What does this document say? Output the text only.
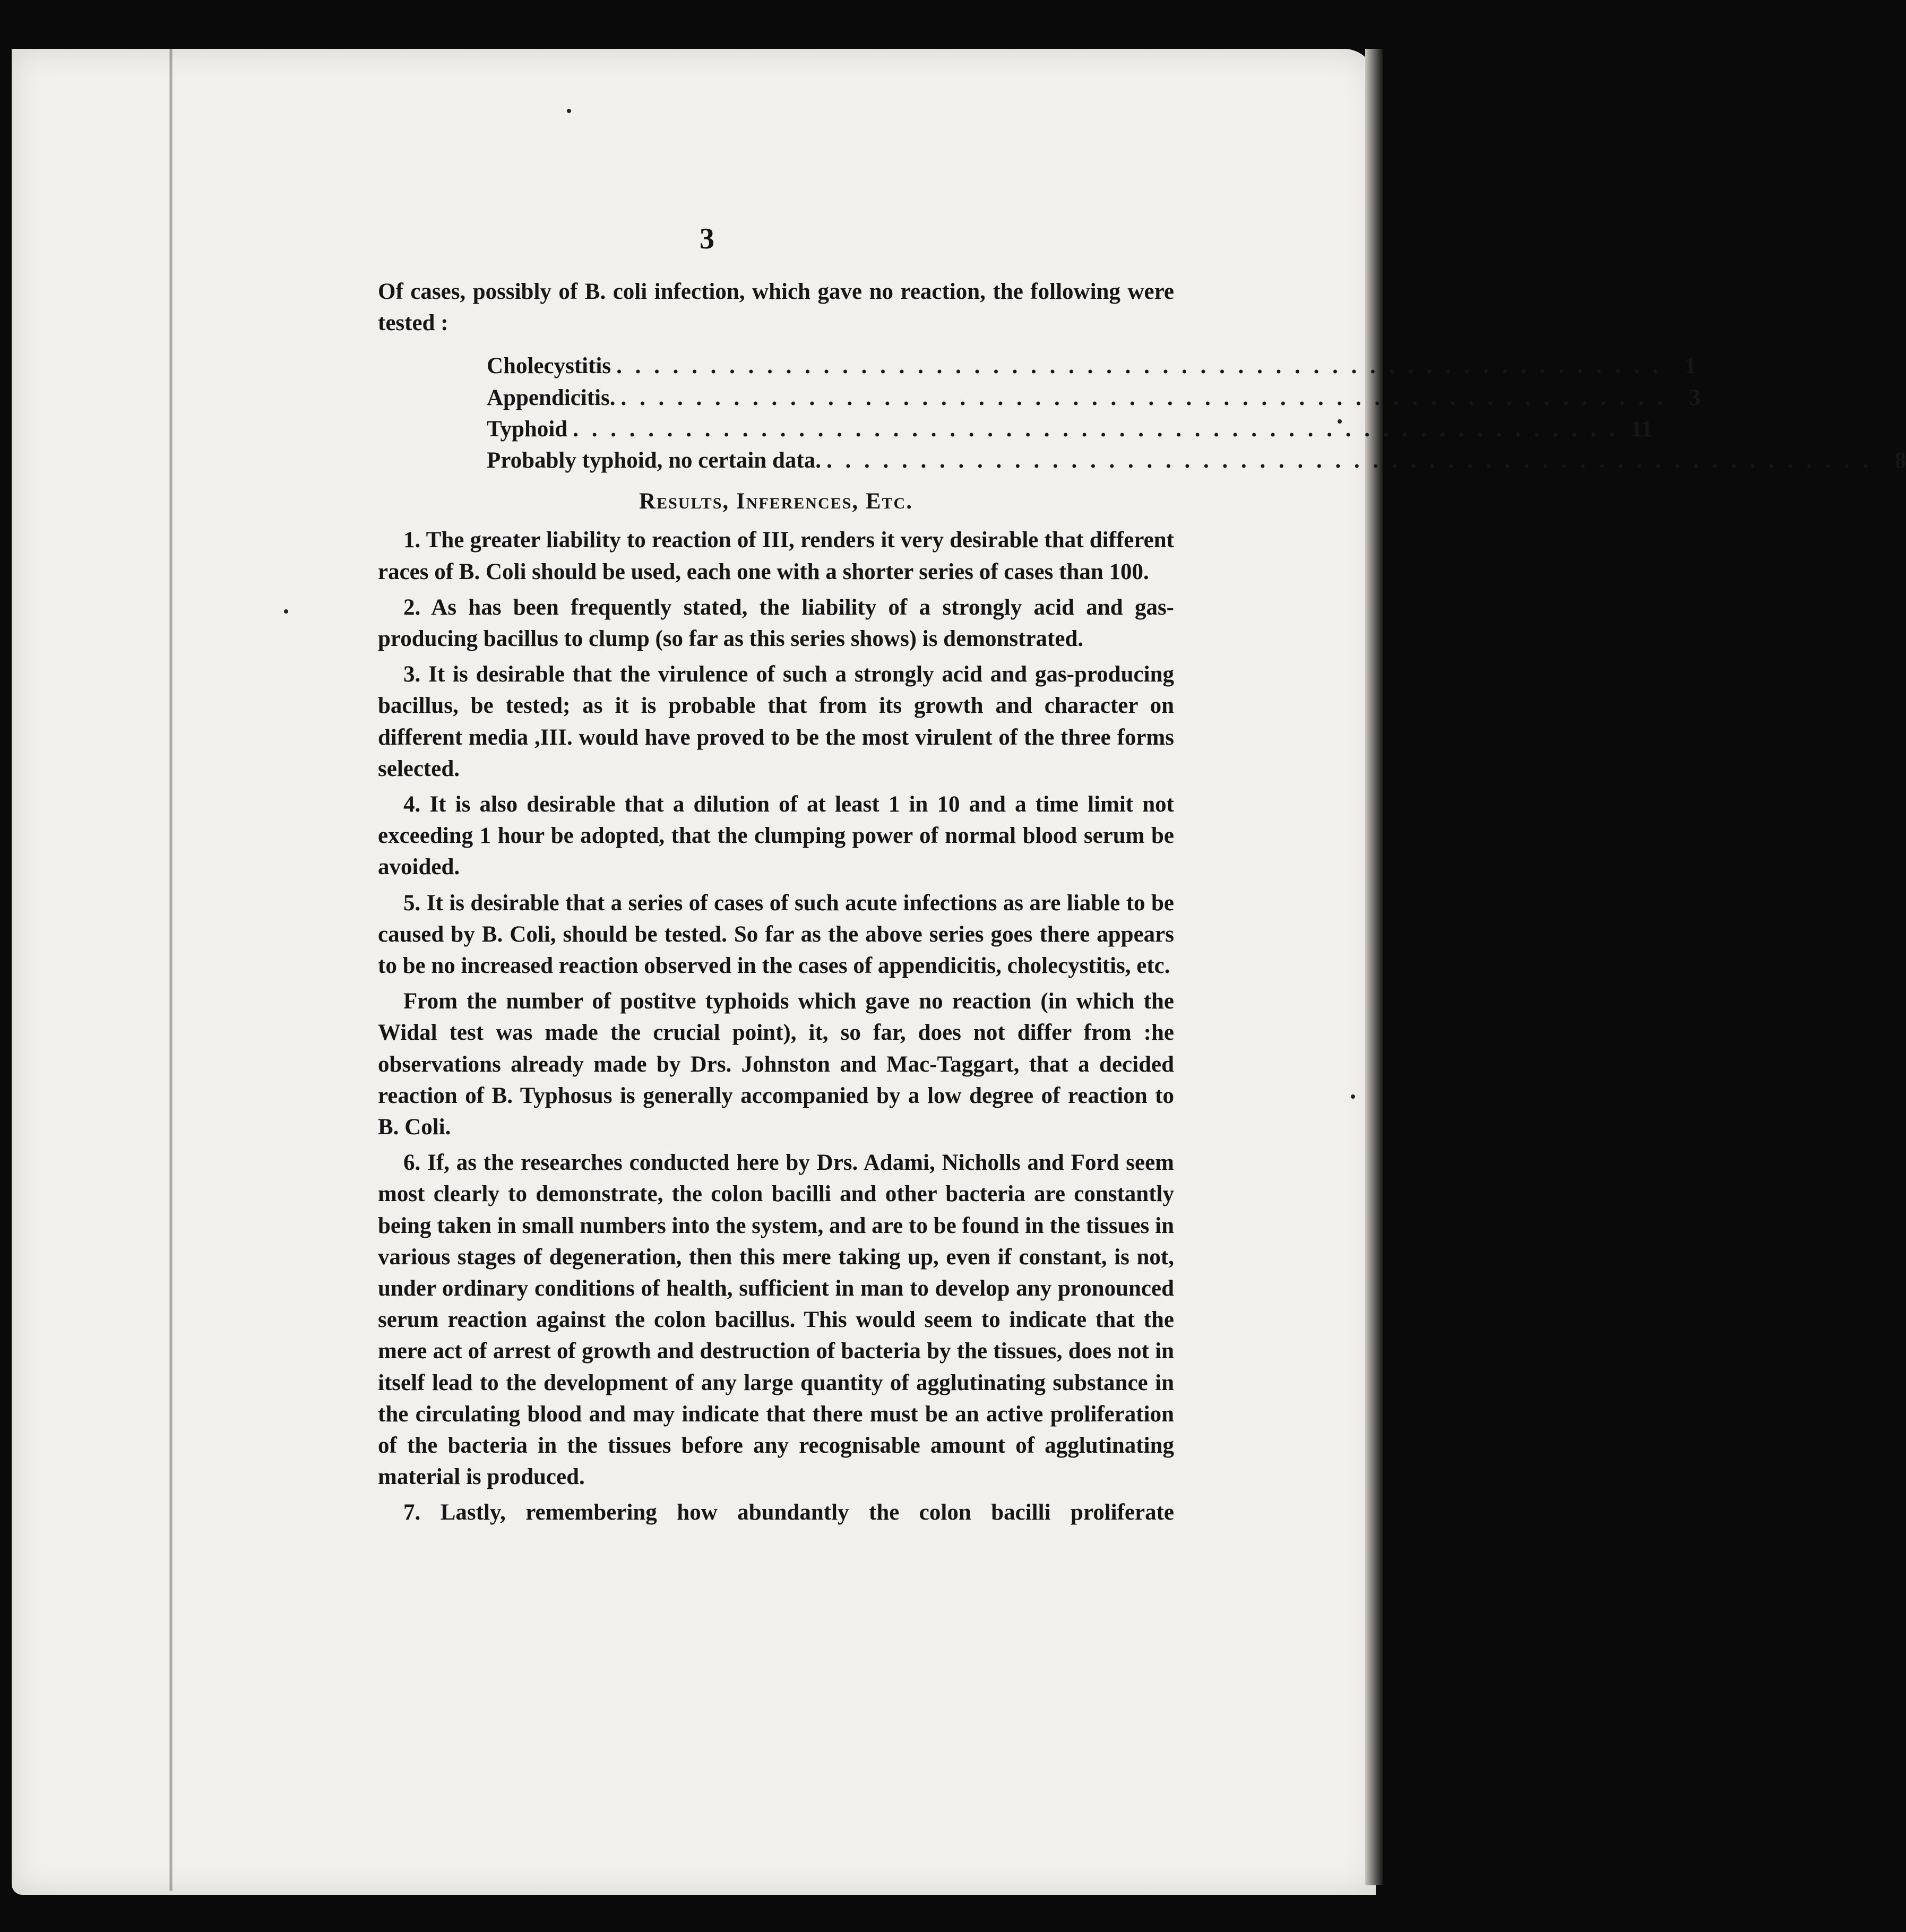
3

Of cases, possibly of B. coli infection, which gave no reaction, the following were tested :

Cholecystitis . . . . . . . . . . . . . . . . . . . . . . . . . . . . . . . . . . . . . . . . . . . . . . . . . . . . . . . . 1
Appendicitis. . . . . . . . . . . . . . . . . . . . . . . . . . . . . . . . . . . . . . . . . . . . . . . . . . . . . . . . . 3
Typhoid . . . . . . . . . . . . . . . . . . . . . . . . . . . . . . . . . . . . . . . . . . . . . . . . . . . . . . . . 11
Probably typhoid, no certain data. . . . . . . . . . . . . . . . . . . . . . . . . . . . . . . . . . . . . . . . . . . . . . . . . . . . . . . . . 8
Results, Inferences, Etc.

1. The greater liability to reaction of III, renders it very desirable that different races of B. Coli should be used, each one with a shorter series of cases than 100.

2. As has been frequently stated, the liability of a strongly acid and gas-producing bacillus to clump (so far as this series shows) is demonstrated.

3. It is desirable that the virulence of such a strongly acid and gas-producing bacillus, be tested; as it is probable that from its growth and character on different media ,III. would have proved to be the most virulent of the three forms selected.

4. It is also desirable that a dilution of at least 1 in 10 and a time limit not exceeding 1 hour be adopted, that the clumping power of normal blood serum be avoided.

5. It is desirable that a series of cases of such acute infections as are liable to be caused by B. Coli, should be tested. So far as the above series goes there appears to be no increased reaction observed in the cases of appendicitis, cholecystitis, etc.

From the number of postitve typhoids which gave no reaction (in which the Widal test was made the crucial point), it, so far, does not differ from :he observations already made by Drs. Johnston and Mac-Taggart, that a decided reaction of B. Typhosus is generally accompanied by a low degree of reaction to B. Coli.

6. If, as the researches conducted here by Drs. Adami, Nicholls and Ford seem most clearly to demonstrate, the colon bacilli and other bacteria are constantly being taken in small numbers into the system, and are to be found in the tissues in various stages of degeneration, then this mere taking up, even if constant, is not, under ordinary conditions of health, sufficient in man to develop any pronounced serum reaction against the colon bacillus. This would seem to indicate that the mere act of arrest of growth and destruction of bacteria by the tissues, does not in itself lead to the development of any large quantity of agglutinating substance in the circulating blood and may indicate that there must be an active proliferation of the bacteria in the tissues before any recognisable amount of agglutinating material is produced.

7. Lastly, remembering how abundantly the colon bacilli proliferate
